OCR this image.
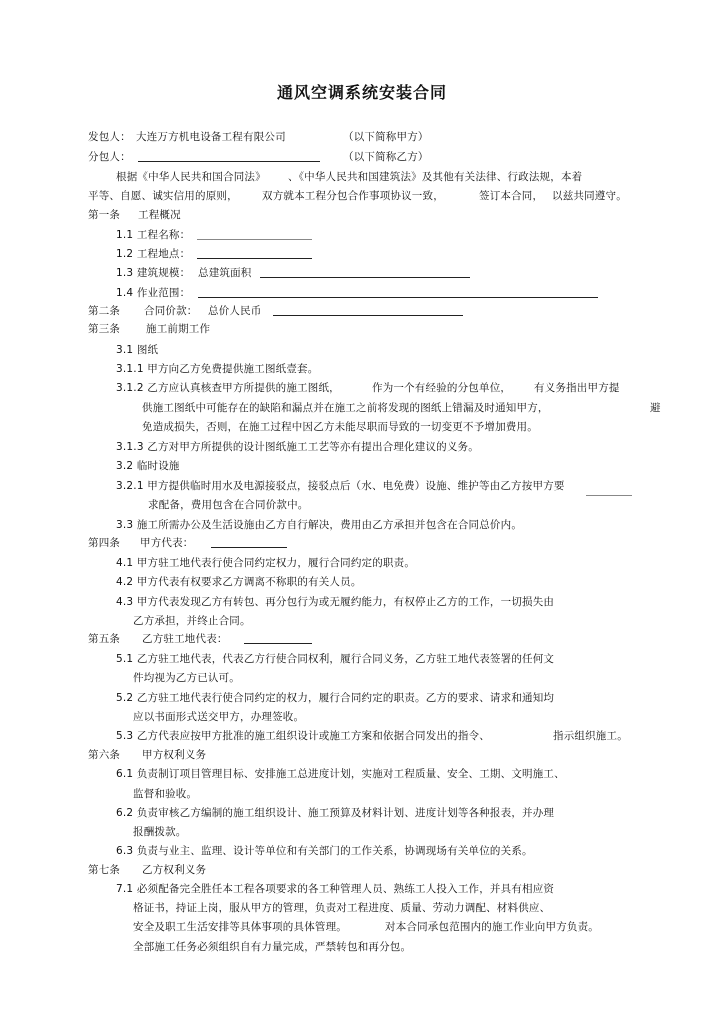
通风空调系统安装合同
发包人： 大连万方机电设备工程有限公司	（以下简称甲方）
分包人：	（以下简称乙方）
根据《中华人民共和国合同法》 、《中华人民共和国建筑法》及其他有关法律、行政法规，本着
平等、自愿、诚实信用的原则， 双方就本工程分包合作事项协议一致，	签订本合同， 以兹共同遵守。
第一条 工程概况
1.1 工程名称：
1.2 工程地点：
1.3 建筑规模： 总建筑面积
1.4 作业范围：
第二条 合同价款： 总价人民币
第三条 施工前期工作
3.1 图纸
3.1.1 甲方向乙方免费提供施工图纸壹套。
3.1.2 乙方应认真核查甲方所提供的施工图纸，	作为一个有经验的分包单位， 有义务指出甲方提
供施工图纸中可能存在的缺陷和漏点并在施工之前将发现的图纸上错漏及时通知甲方，	避
免造成损失，否则，在施工过程中因乙方未能尽职而导致的一切变更不予增加费用。
3.1.3 乙方对甲方所提供的设计图纸施工工艺等亦有提出合理化建议的义务。
3.2 临时设施
3.2.1 甲方提供临时用水及电源接驳点，接驳点后（水、电免费）设施、维护等由乙方按甲方要
求配备，费用包含在合同价款中。
3.3 施工所需办公及生活设施由乙方自行解决，费用由乙方承担并包含在合同总价内。
第四条 甲方代表：
4.1 甲方驻工地代表行使合同约定权力，履行合同约定的职责。
4.2 甲方代表有权要求乙方调离不称职的有关人员。
4.3 甲方代表发现乙方有转包、再分包行为或无履约能力，有权停止乙方的工作，一切损失由
乙方承担，并终止合同。
第五条 乙方驻工地代表：
5.1 乙方驻工地代表，代表乙方行使合同权利，履行合同义务，乙方驻工地代表签署的任何文
件均视为乙方已认可。
5.2 乙方驻工地代表行使合同约定的权力，履行合同约定的职责。乙方的要求、请求和通知均
应以书面形式送交甲方，办理签收。
5.3 乙方代表应按甲方批准的施工组织设计或施工方案和依据合同发出的指令、	指示组织施工。
第六条 甲方权利义务
6.1 负责制订项目管理目标、安排施工总进度计划，实施对工程质量、安全、工期、文明施工、
监督和验收。
6.2 负责审核乙方编制的施工组织设计、施工预算及材料计划、进度计划等各种报表，并办理
报酬拨款。
6.3 负责与业主、监理、设计等单位和有关部门的工作关系，协调现场有关单位的关系。
第七条 乙方权利义务
7.1 必须配备完全胜任本工程各项要求的各工种管理人员、熟练工人投入工作，并具有相应资
格证书，持证上岗，服从甲方的管理，负责对工程进度、质量、劳动力调配、材料供应、
安全及职工生活安排等具体事项的具体管理。	对本合同承包范围内的施工作业向甲方负责。
全部施工任务必须组织自有力量完成，严禁转包和再分包。
